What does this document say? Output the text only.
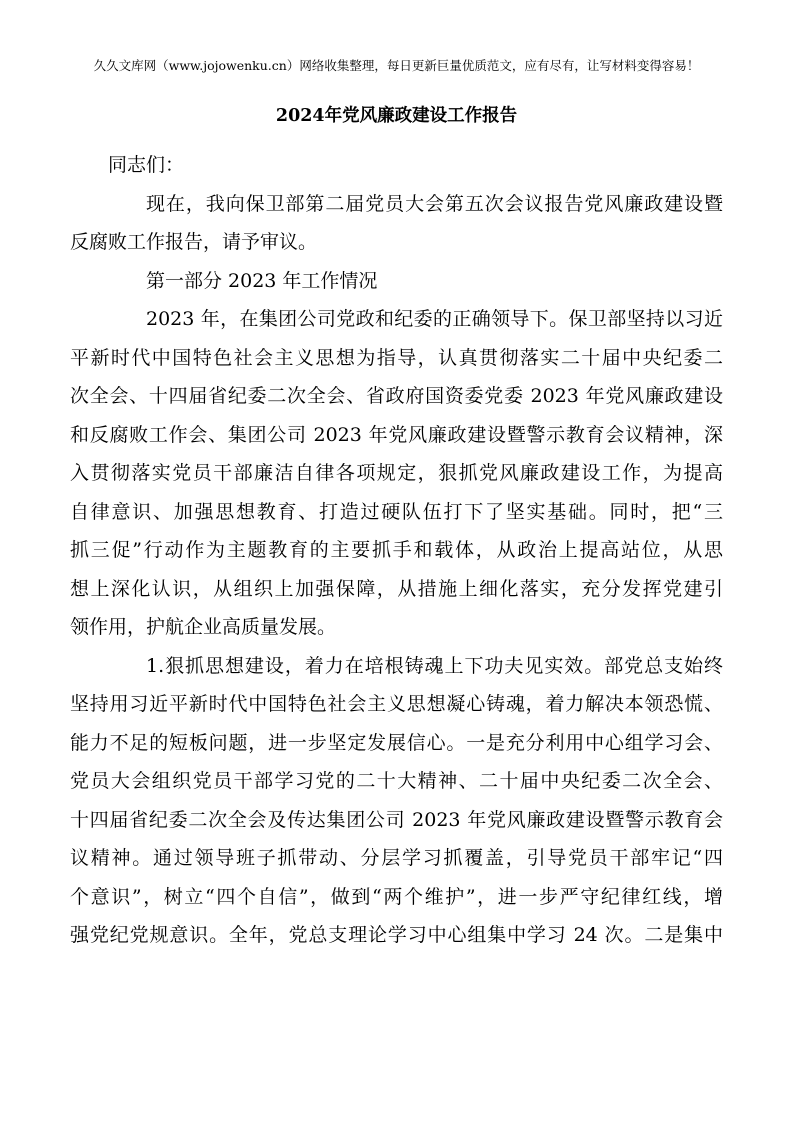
久久文库网（www.jojowenku.cn）网络收集整理，每日更新巨量优质范文，应有尽有，让写材料变得容易！
2024年党风廉政建设工作报告
同志们：
现在，我向保卫部第二届党员大会第五次会议报告党风廉政建设暨
反腐败工作报告，请予审议。
第一部分 2023 年工作情况
2023 年，在集团公司党政和纪委的正确领导下。保卫部坚持以习近
平新时代中国特色社会主义思想为指导，认真贯彻落实二十届中央纪委二
次全会、十四届省纪委二次全会、省政府国资委党委 2023 年党风廉政建设
和反腐败工作会、集团公司 2023 年党风廉政建设暨警示教育会议精神，深
入贯彻落实党员干部廉洁自律各项规定，狠抓党风廉政建设工作，为提高
自律意识、加强思想教育、打造过硬队伍打下了坚实基础。同时，把“三
抓三促”行动作为主题教育的主要抓手和载体，从政治上提高站位，从思
想上深化认识，从组织上加强保障，从措施上细化落实，充分发挥党建引
领作用，护航企业高质量发展。
1.狠抓思想建设，着力在培根铸魂上下功夫见实效。部党总支始终
坚持用习近平新时代中国特色社会主义思想凝心铸魂，着力解决本领恐慌、
能力不足的短板问题，进一步坚定发展信心。一是充分利用中心组学习会、
党员大会组织党员干部学习党的二十大精神、二十届中央纪委二次全会、
十四届省纪委二次全会及传达集团公司 2023 年党风廉政建设暨警示教育会
议精神。通过领导班子抓带动、分层学习抓覆盖，引导党员干部牢记“四
个意识”，树立“四个自信”，做到“两个维护”，进一步严守纪律红线，增
强党纪党规意识。全年，党总支理论学习中心组集中学习 24 次。二是集中
